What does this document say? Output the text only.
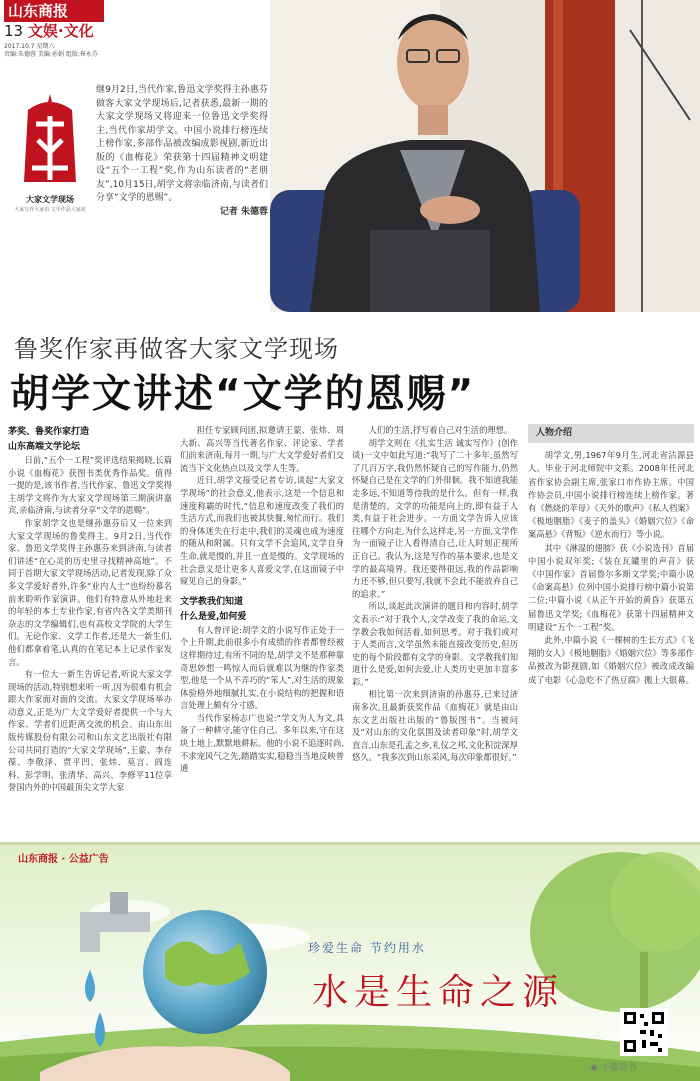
山东商报
13 文娱·文化
2017.10.7 星期六
责编:朱德蓉 美编:孙娟 组版:崔永芬
大家文学现场
大家写作大家看 文学作品大家谈
继9月2日,当代作家,鲁迅文学奖得主孙惠芬做客大家文学现场后,记者获悉,最新一期的大家文学现场又将迎来一位鲁迅文学奖得主,当代作家胡学文。中国小说排行榜连续上榜作家,多部作品被改编成影视剧,新近出版的《血梅花》荣获第十四届精神文明建设“五个一工程”奖,作为山东读者的“老朋友”,10月15日,胡学文将亲临济南,与读者们分享“文学的恩赐”。
记者 朱德蓉
鲁奖作家再做客大家文学现场
胡学文讲述“文学的恩赐”
茅奖、鲁奖作家打造
山东高端文学论坛

日前,“五个一工程”奖评选结果揭晓,长篇小说《血梅花》获图书类优秀作品奖。值得一提的是,该书作者,当代作家、鲁迅文学奖得主胡学文将作为大家文学现场第三期演讲嘉宾,亲临济南,与读者分享“文学的恩赐”。

作家胡学文也是继孙惠芬后又一位来到大家文学现场的鲁奖得主。9月2日,当代作家、鲁迅文学奖得主孙惠芬来到济南,与读者们讲述“在心灵的历史里寻找精神高地”。不同于首期大家文学现场活动,记者发现,除了众多文学爱好者外,许多“业内人士”也纷纷慕名前来聆听作家演讲。他们有特意从外地赶来的年轻的本土专业作家,有省内各文学类期刊杂志的文学编辑们,也有高校文学院的大学生们。无论作家、文学工作者,还是大一新生们,他们都拿着笔,认真的在笔记本上记录作家发言。

有一位大一新生告诉记者,听说大家文学现场的活动,特别想来听一听,因为很难有机会跟大作家面对面的交流。大家文学现场举办动意义,正是为广大文学爱好者提供一个与大作家、学者们近距离交流的机会。由山东出版传媒股份有限公司和山东文艺出版社有限公司共同打造的“大家文学现场”,王蒙、李存葆、李敬泽、贾平凹、张炜、莫言、阎连科、彭学明、张清华、高兴、李修平11位享誉国内外的中国最顶尖文学大家

担任专家顾问团,拟邀请王蒙、张炜、周大新、高兴等当代著名作家、评论家、学者们前来济南,每月一期,与广大文学爱好者们交流当下文化热点以及文学人生等。

近日,胡学文接受记者专访,谈起“大家文学现场”的社会意义,他表示,这是一个信息和速度称霸的时代,“信息和速度改变了我们的生活方式,而我们也被其快餐,匆忙而行。我们的身体迷失在行走中,我们的灵魂也成为速度的随从和附属。只有文学不会追风,文学自身生命,就是慢的,并且一直是慢的。文学现场的社会意义是让更多人喜爱文学,在这面镜子中窥见自己的身影。”

文学教我们知道
什么是爱,如何爱

有人曾评论:胡学文的小说写作正处于一个上升期,此前很多小有成绩的作者都曾经被这样期待过,有所不同的是,胡学文不是那种靠奇思妙想一鸣惊人而后就难以为继的作家类型,他是一个从不弄巧的“笨人”,对生活的现象体验格外地细腻扎实,在小说结构的把握和语言处理上颇有分寸感。

当代作家杨志广也说:“学文为人为文,具备了一种耕守,能守住自己。多年以来,守在这块土地上,默默地耕耘。他的小说不追逐时尚,不求宠风气之先,踏踏实实,稳稳当当地反映普通

人们的生活,抒写着自己对生活的理想。

胡学文则在《扎实生活 诚实写作》(创作谈)一文中如此写道:“我写了二十多年,虽然写了几百万字,我仍然怀疑自己的写作能力,仍然怀疑自己是在文学的门外徘徊。我不知道我能走多远,不知道等待我的是什么。但有一样,我是清楚的。文学的功能是向上的,即有益于人类,有益于社会进步。一方面文学告诉人应该往哪个方向走,为什么这样走,另一方面,文学作为一面镜子让人看得清自己,让人时刻正视所正自己。我认为,这是写作的基本要求,也是文学的最高境界。我还要得很远,我的作品影响力还不够,但只要写,我就不会此不能放弃自己的追求。”

所以,谈起此次演讲的题目和内容时,胡学文表示:“对于我个人,文学改变了我的命运,文学教会我如何活着,如何思考。对于我们或对于人类而言,文学虽然未能直接改变历史,但历史的每个阶段都有文学的身影。文学教我们知道什么是爱,如何去爱,让人类历史更加丰富多彩。”

相比第一次来到济南的孙惠芬,已来过济南多次,且最新获奖作品《血梅花》就是由山东文艺出版社出版的“鲁版图书”。当被问及“对山东的文化氛围及读者印象”时,胡学文直言,山东是孔孟之乡,礼仪之邦,文化积淀深厚悠久。“我多次到山东采风,每次印象都很好。”

人物介绍

胡学文,男,1967年9月生,河北省沽源县人。毕业于河北师院中文系。2008年任河北省作家协会副主席,张家口市作协主席。中国作协会员,中国小说排行榜连续上榜作家。著有《燃烧的苹母》《天外的歌声》《私人档案》《极地胭脂》《麦子的盖头》《婚姻穴位》《命案高悬》《背叛》《逆水而行》等小说。

其中《淋湿的翅膀》获《小说选刊》首届中国小说双年奖;《装在瓦罐里的声音》获《中国作家》首届鲁尔多斯文学奖;中篇小说《命案高悬》位列中国小说排行榜中篇小说第二位;中篇小说《从正午开始的黄昏》获第五届鲁迅文学奖;《血梅花》获第十四届精神文明建设“五个一工程”奖。

此外,中篇小说《一棵树的生长方式》《飞翔的女人》《极地胭脂》《婚姻穴位》等多部作品被改为影视剧,如《婚姻穴位》被改成改编成了电影《心急吃不了热豆腐》搬上大银幕。

山东商报 · 公益广告
珍爱生命 节约用水
水是生命之源
◉ 小德说书
